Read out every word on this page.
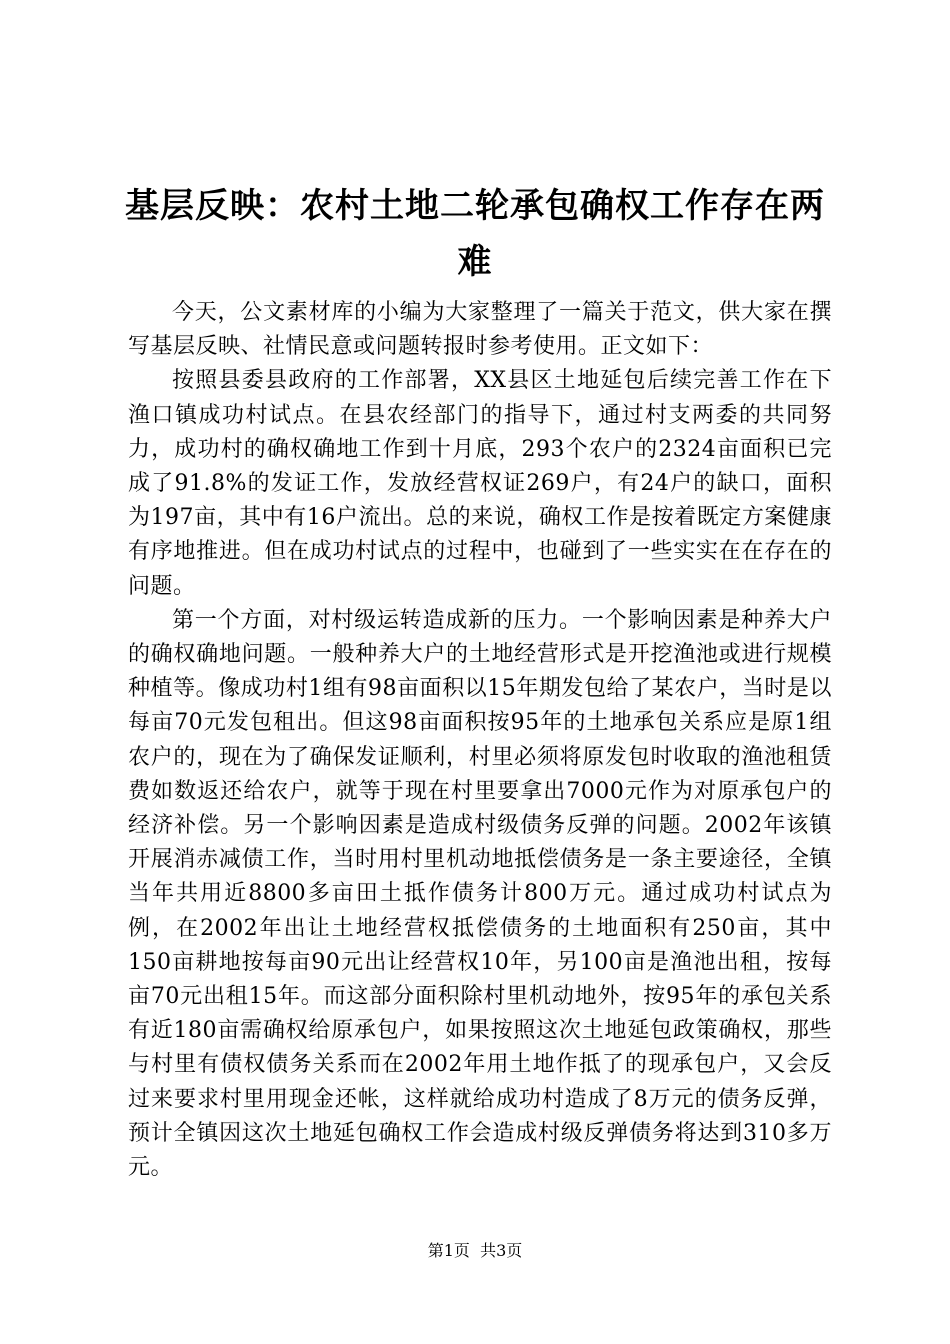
基层反映：农村土地二轮承包确权工作存在两难

今天，公文素材库的小编为大家整理了一篇关于范文，供大家在撰写基层反映、社情民意或问题转报时参考使用。正文如下：

按照县委县政府的工作部署，XX县区土地延包后续完善工作在下渔口镇成功村试点。在县农经部门的指导下，通过村支两委的共同努力，成功村的确权确地工作到十月底，293个农户的2324亩面积已完成了91.8%的发证工作，发放经营权证269户，有24户的缺口，面积为197亩，其中有16户流出。总的来说，确权工作是按着既定方案健康有序地推进。但在成功村试点的过程中，也碰到了一些实实在在存在的问题。

第一个方面，对村级运转造成新的压力。一个影响因素是种养大户的确权确地问题。一般种养大户的土地经营形式是开挖渔池或进行规模种植等。像成功村1组有98亩面积以15年期发包给了某农户，当时是以每亩70元发包租出。但这98亩面积按95年的土地承包关系应是原1组农户的，现在为了确保发证顺利，村里必须将原发包时收取的渔池租赁费如数返还给农户，就等于现在村里要拿出7000元作为对原承包户的经济补偿。另一个影响因素是造成村级债务反弹的问题。2002年该镇开展消赤减债工作，当时用村里机动地抵偿债务是一条主要途径，全镇当年共用近8800多亩田土抵作债务计800万元。通过成功村试点为例，在2002年出让土地经营权抵偿债务的土地面积有250亩，其中150亩耕地按每亩90元出让经营权10年，另100亩是渔池出租，按每亩70元出租15年。而这部分面积除村里机动地外，按95年的承包关系有近180亩需确权给原承包户，如果按照这次土地延包政策确权，那些与村里有债权债务关系而在2002年用土地作抵了的现承包户，又会反过来要求村里用现金还帐，这样就给成功村造成了8万元的债务反弹，预计全镇因这次土地延包确权工作会造成村级反弹债务将达到310多万元。

第1页  共3页
